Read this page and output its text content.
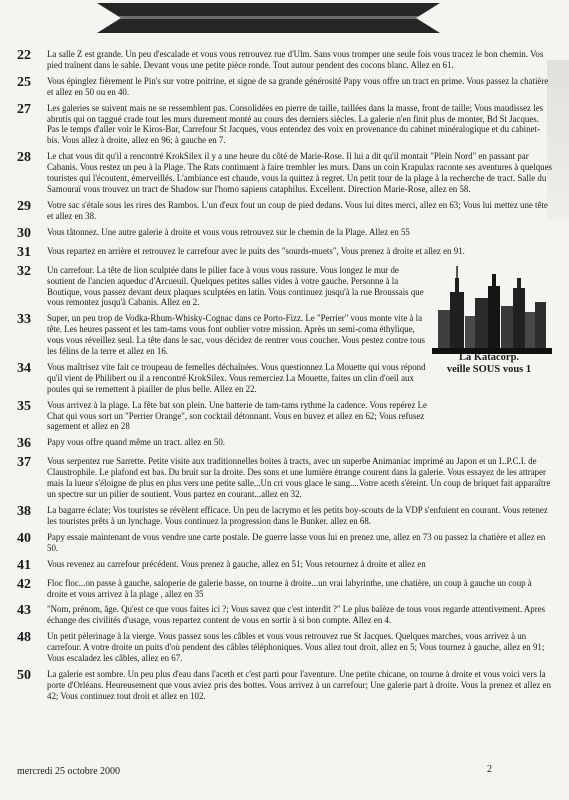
22	La salle Z est grande. Un peu d'escalade et vous vous retrouvez rue d'Ulm. Sans vous tromper une seule fois vous tracez le bon chemin. Vos pied traînent dans le sable. Devant vous une petite pièce ronde. Tout autour pendent des cocons blanc. Allez en 61.
25	Vous épinglez fièrement le Pin's sur votre poitrine, et signe de sa grande générosité Papy vous offre un tract en prime. Vous passez la chatière et allez en 50 ou en 40.
27	Les galeries se suivent mais ne se ressemblent pas. Consolidées en pierre de taille, taillées dans la masse, front de taille; Vous maudissez les abrutis qui on taggué crade tout les murs durement monté au cours des derniers siècles. La galerie n'en finit plus de monter, Bd St Jacques. Pas le temps d'aller voir le Kiros-Bar, Carrefour St Jacques, vous entendez des voix en provenance du cabinet minéralogique et du cabinet-bis. Vous allez à droite, allez en 96; à gauche en 7.
28	Le chat vous dit qu'il a rencontré KrokSilex il y a une heure du côté de Marie-Rose. Il lui a dit qu'il montait "Plein Nord" en passant par Cabanis. Vous restez un peu à la Plage. The Rats continuent à faire trembler les murs. Dans un coin Krapulax raconte ses aventures à quelques touristes qui l'écoutent, émerveillés. L'ambiance est chaude, vous la quittez à regret. Un petit tour de la plage à la recherche de tract. Salle du Samouraï vous trouvez un tract de Shadow sur l'homo sapiens cataphilus. Excellent. Direction Marie-Rose, allez en 58.
29	Votre sac s'étale sous les rires des Rambos. L'un d'eux fout un coup de pied dedans. Vous lui dites merci, allez en 63; Vous lui mettez une tête et allez en 38.
30	Vous tâtonnez. Une autre galerie à droite et vous vous retrouvez sur le chemin de la Plage. Allez en 55
31	Vous repartez en arrière et retrouvez le carrefour avec le puits des "sourds-muets", Vous prenez à droite et allez en 91.
32	Un carrefour. La tête de lion sculptée dans le pilier face à vous vous rassure. Vous longez le mur de soutient de l'ancien aqueduc d'Arcueuil. Quelques petites salles vides à votre gauche. Personne à la Boutique, vous passez devant deux plaques sculptées en latin. Vous continuez jusqu'à la rue Broussais que vous remontez jusqu'à Cabanis. Allez en 2.
33	Super, un peu trop de Vodka-Rhum-Whisky-Cognac dans ce Porto-Fizz. Le "Perrier" vous monte vite à la tête. Les heures passent et les tam-tams vous font oublier votre mission. Après un semi-coma éthylique, vous vous réveillez seul. La tête dans le sac, vous décidez de rentrer vous coucher. Vous pestez contre tous les félins de la terre et allez en 16.
34	Vous maîtrisez vite fait ce troupeau de femelles déchaînées. Vous questionnez La Mouette qui vous répond qu'il vient de Philibert ou il a rencontré KrokSilex. Vous remerciez La Mouette, faites un clin d'oeil aux poules qui se remettent à piailler de plus belle. Allez en 22.
35	Vous arrivez à la plage. La fête bat son plein. Une batterie de tam-tams rythme la cadence. Vous repérez Le Chat qui vous sort un "Perrier Orange", son cocktail détonnant. Vous en buvez et allez en 62; Vous refusez sagement et allez en 28
36	Papy vous offre quand même un tract. allez en 50.
37	Vous serpentez rue Sarrette. Petite visite aux traditionnelles boites à tracts, avec un superbe Animaniac imprimé au Japon et un L.P.C.I. de Claustrophile. Le plafond est bas. Du bruit sur la droite. Des sons et une lumière étrange courent dans la galerie. Vous essayez de les attraper mais la lueur s'éloigne de plus en plus vers une petite salle...Un cri vous glace le sang....Votre aceth s'éteint. Un coup de briquet fait apparaître un spectre sur un pilier de soutient. Vous partez en courant...allez en 32.
38	La bagarre éclate; Vos touristes se révèlent efficace. Un peu de lacrymo et les petits boy-scouts de la VDP s'enfuient en courant. Vous retenez les touristes prêts à un lynchage. Vous continuez la progression dans le Bunker. allez en 68.
40	Papy essaie maintenant de vous vendre une carte postale. De guerre lasse vous lui en prenez une, allez en 73 ou passez la chatière et allez en 50.
41	Vous revenez au carrefour précédent. Vous prenez à gauche, allez en 51; Vous retournez à droite et allez en
42	Floc floc...on passe à gauche, saloperie de galerie basse, on tourne à droite...un vrai labyrinthe, une chatière, un coup à gauche un coup à droite et vous arrivez à la plage , allez en 35
43	"Nom, prénom, âge. Qu'est ce que vous faites ici ?; Vous savez que c'est interdit ?" Le plus balèze de tous vous regarde attentivement. Apres échange des civilités d'usage, vous repartez content de vous en sortir à si bon compte. Allez en 4.
48	Un petit pèlerinage à la vierge. Vous passez sous les câbles et vous vous retrouvez rue St Jacques. Quelques marches, vous arrivez à un carrefour. A votre droite un puits d'où pendent des câbles téléphoniques. Vous allez tout droit, allez en 5; Vous tournez à gauche, allez en 91; Vous escaladez les câbles, allez en 67.
50	La galerie est sombre. Un peu plus d'eau dans l'aceth et c'est parti pour l'aventure. Une petite chicane, on tourne à droite et vous voici vers la porte d'Orléans. Heureusement que vous aviez pris des bottes. Vous arrivez à un carrefour; Une galerie part à droite. Vous la prenez et allez en 42; Vous continuez tout droit et allez en 102.
La Katacorp.
veille SOUS vous 1
mercredi 25 octobre 2000	2
